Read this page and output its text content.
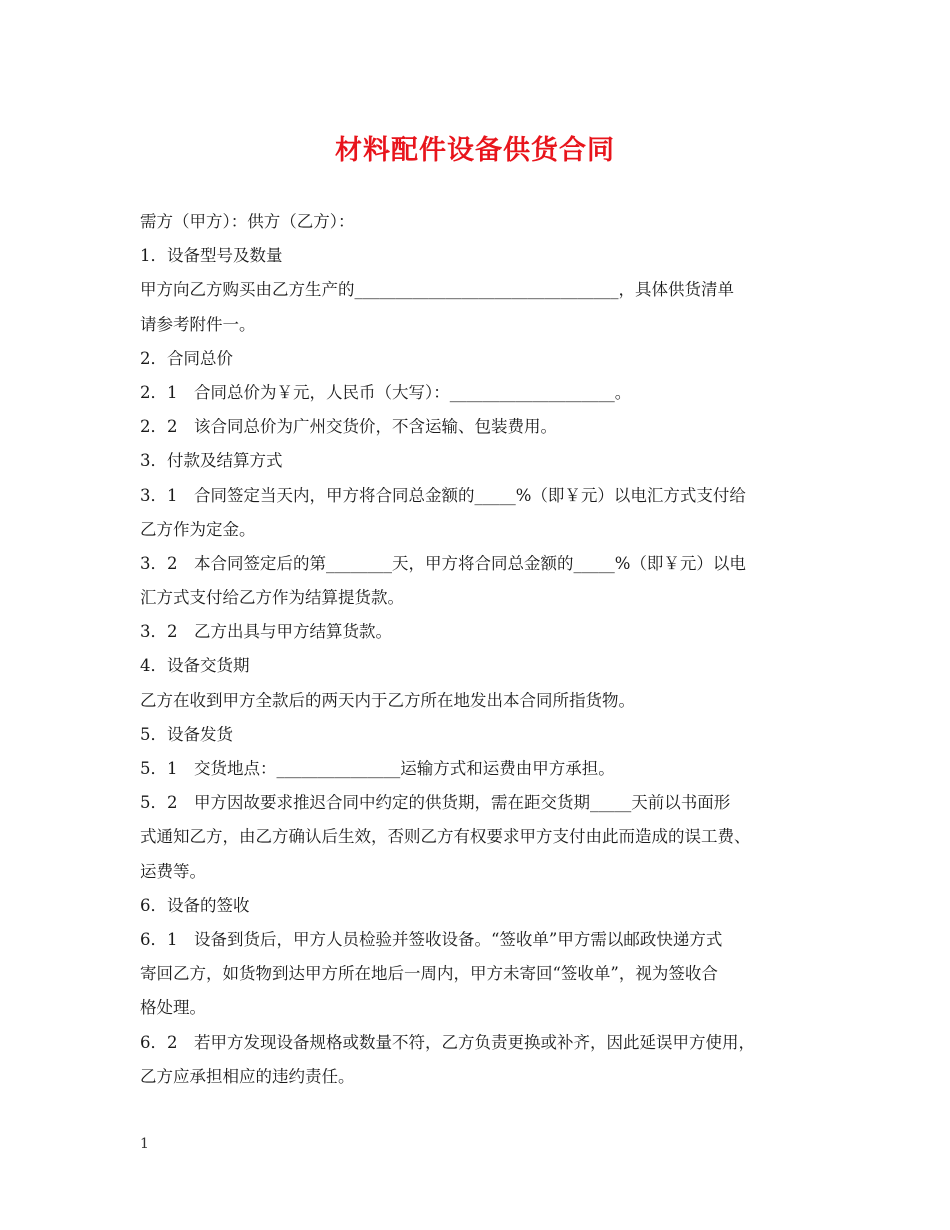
材料配件设备供货合同
需方（甲方）：供方（乙方）：
1．设备型号及数量
甲方向乙方购买由乙方生产的________________________________，具体供货清单
请参考附件一。
2．合同总价
2．1　合同总价为￥元，人民币（大写）：____________________。
2．2　该合同总价为广州交货价，不含运输、包装费用。
3．付款及结算方式
3．1　合同签定当天内，甲方将合同总金额的_____%（即￥元）以电汇方式支付给
乙方作为定金。
3．2　本合同签定后的第________天，甲方将合同总金额的_____%（即￥元）以电
汇方式支付给乙方作为结算提货款。
3．2　乙方出具与甲方结算货款。
4．设备交货期
乙方在收到甲方全款后的两天内于乙方所在地发出本合同所指货物。
5．设备发货
5．1　交货地点：_______________运输方式和运费由甲方承担。
5．2　甲方因故要求推迟合同中约定的供货期，需在距交货期_____天前以书面形
式通知乙方，由乙方确认后生效，否则乙方有权要求甲方支付由此而造成的误工费、
运费等。
6．设备的签收
6．1　设备到货后，甲方人员检验并签收设备。“签收单”甲方需以邮政快递方式
寄回乙方，如货物到达甲方所在地后一周内，甲方未寄回“签收单”，视为签收合
格处理。
6．2　若甲方发现设备规格或数量不符，乙方负责更换或补齐，因此延误甲方使用，
乙方应承担相应的违约责任。
1
